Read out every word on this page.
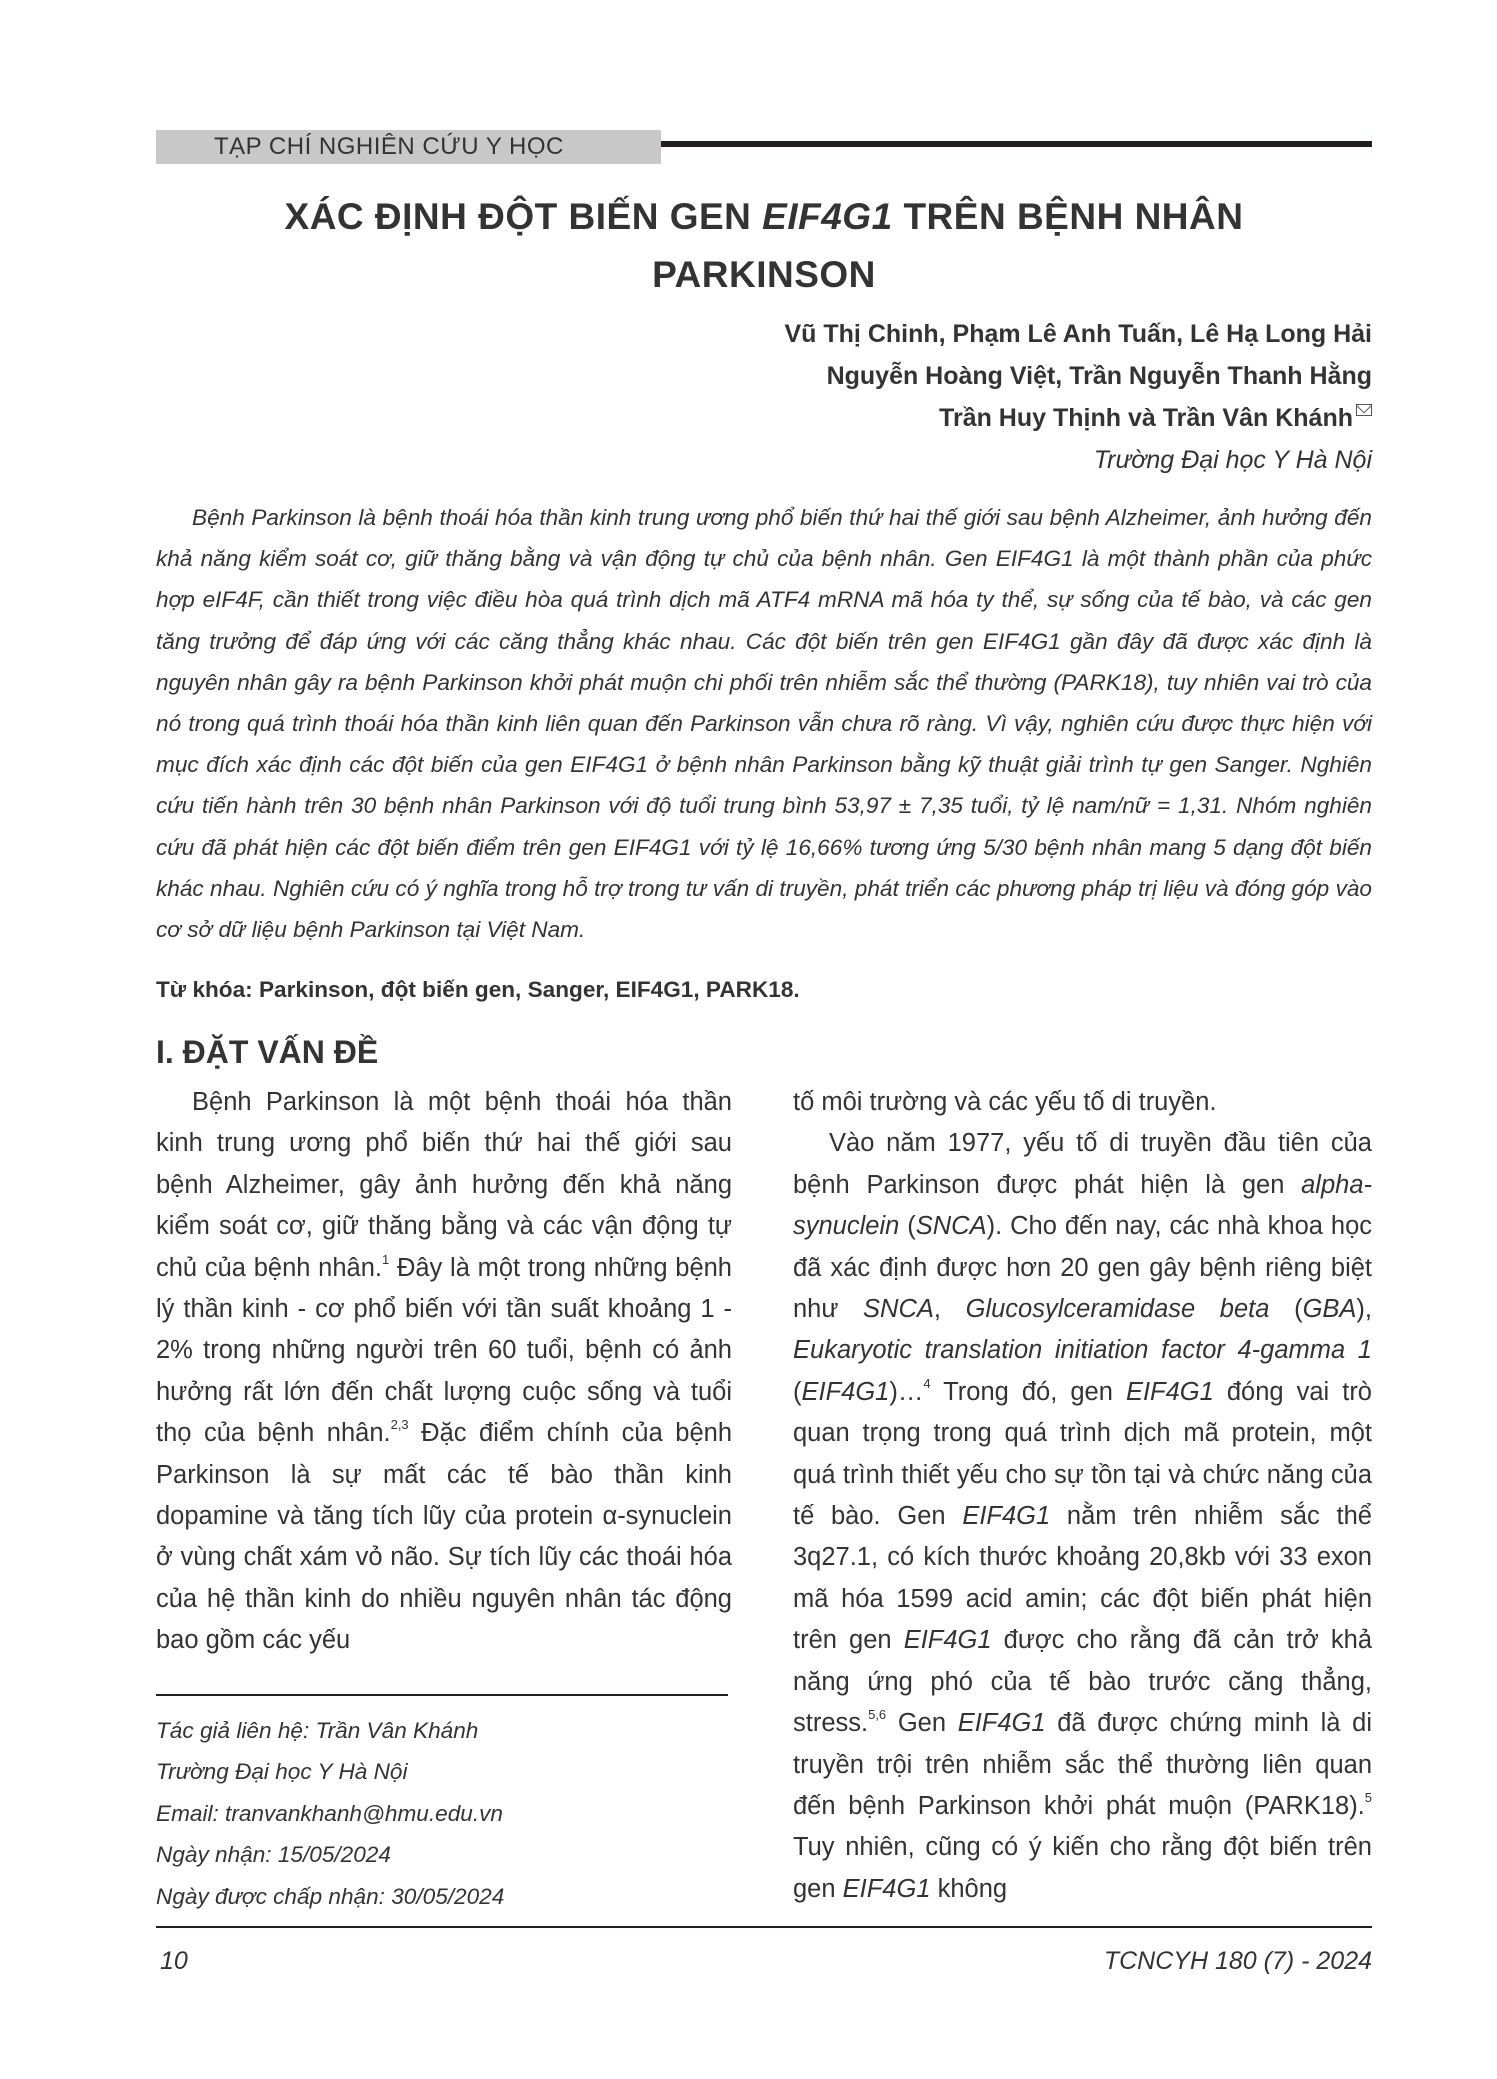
TẠP CHÍ NGHIÊN CỨU Y HỌC
XÁC ĐỊNH ĐỘT BIẾN GEN EIF4G1 TRÊN BỆNH NHÂN
PARKINSON
Vũ Thị Chinh, Phạm Lê Anh Tuấn, Lê Hạ Long Hải
Nguyễn Hoàng Việt, Trần Nguyễn Thanh Hằng
Trần Huy Thịnh và Trần Vân Khánh
Trường Đại học Y Hà Nội
Bệnh Parkinson là bệnh thoái hóa thần kinh trung ương phổ biến thứ hai thế giới sau bệnh Alzheimer, ảnh hưởng đến khả năng kiểm soát cơ, giữ thăng bằng và vận động tự chủ của bệnh nhân. Gen EIF4G1 là một thành phần của phức hợp eIF4F, cần thiết trong việc điều hòa quá trình dịch mã ATF4 mRNA mã hóa ty thể, sự sống của tế bào, và các gen tăng trưởng để đáp ứng với các căng thẳng khác nhau. Các đột biến trên gen EIF4G1 gần đây đã được xác định là nguyên nhân gây ra bệnh Parkinson khởi phát muộn chi phối trên nhiễm sắc thể thường (PARK18), tuy nhiên vai trò của nó trong quá trình thoái hóa thần kinh liên quan đến Parkinson vẫn chưa rõ ràng. Vì vậy, nghiên cứu được thực hiện với mục đích xác định các đột biến của gen EIF4G1 ở bệnh nhân Parkinson bằng kỹ thuật giải trình tự gen Sanger. Nghiên cứu tiến hành trên 30 bệnh nhân Parkinson với độ tuổi trung bình 53,97 ± 7,35 tuổi, tỷ lệ nam/nữ = 1,31. Nhóm nghiên cứu đã phát hiện các đột biến điểm trên gen EIF4G1 với tỷ lệ 16,66% tương ứng 5/30 bệnh nhân mang 5 dạng đột biến khác nhau. Nghiên cứu có ý nghĩa trong hỗ trợ trong tư vấn di truyền, phát triển các phương pháp trị liệu và đóng góp vào cơ sở dữ liệu bệnh Parkinson tại Việt Nam.
Từ khóa: Parkinson, đột biến gen, Sanger, EIF4G1, PARK18.
I. ĐẶT VẤN ĐỀ

Bệnh Parkinson là một bệnh thoái hóa thần kinh trung ương phổ biến thứ hai thế giới sau bệnh Alzheimer, gây ảnh hưởng đến khả năng kiểm soát cơ, giữ thăng bằng và các vận động tự chủ của bệnh nhân.$^1$ Đây là một trong những bệnh lý thần kinh - cơ phổ biến với tần suất khoảng 1 - 2% trong những người trên 60 tuổi, bệnh có ảnh hưởng rất lớn đến chất lượng cuộc sống và tuổi thọ của bệnh nhân.$^{2,3}$ Đặc điểm chính của bệnh Parkinson là sự mất các tế bào thần kinh dopamine và tăng tích lũy của protein α-synuclein ở vùng chất xám vỏ não. Sự tích lũy các thoái hóa của hệ thần kinh do nhiều nguyên nhân tác động bao gồm các yếu

tố môi trường và các yếu tố di truyền.

Vào năm 1977, yếu tố di truyền đầu tiên của bệnh Parkinson được phát hiện là gen alpha-synuclein (SNCA). Cho đến nay, các nhà khoa học đã xác định được hơn 20 gen gây bệnh riêng biệt như SNCA, Glucosylceramidase beta (GBA), Eukaryotic translation initiation factor 4-gamma 1 (EIF4G1)…$^4$ Trong đó, gen EIF4G1 đóng vai trò quan trọng trong quá trình dịch mã protein, một quá trình thiết yếu cho sự tồn tại và chức năng của tế bào. Gen EIF4G1 nằm trên nhiễm sắc thể 3q27.1, có kích thước khoảng 20,8kb với 33 exon mã hóa 1599 acid amin; các đột biến phát hiện trên gen EIF4G1 được cho rằng đã cản trở khả năng ứng phó của tế bào trước căng thẳng, stress.$^{5,6}$ Gen EIF4G1 đã được chứng minh là di truyền trội trên nhiễm sắc thể thường liên quan đến bệnh Parkinson khởi phát muộn (PARK18).$^5$ Tuy nhiên, cũng có ý kiến cho rằng đột biến trên gen EIF4G1 không

Tác giả liên hệ: Trần Vân Khánh
Trường Đại học Y Hà Nội
Email: tranvankhanh@hmu.edu.vn
Ngày nhận: 15/05/2024
Ngày được chấp nhận: 30/05/2024
10	TCNCYH 180 (7) - 2024
